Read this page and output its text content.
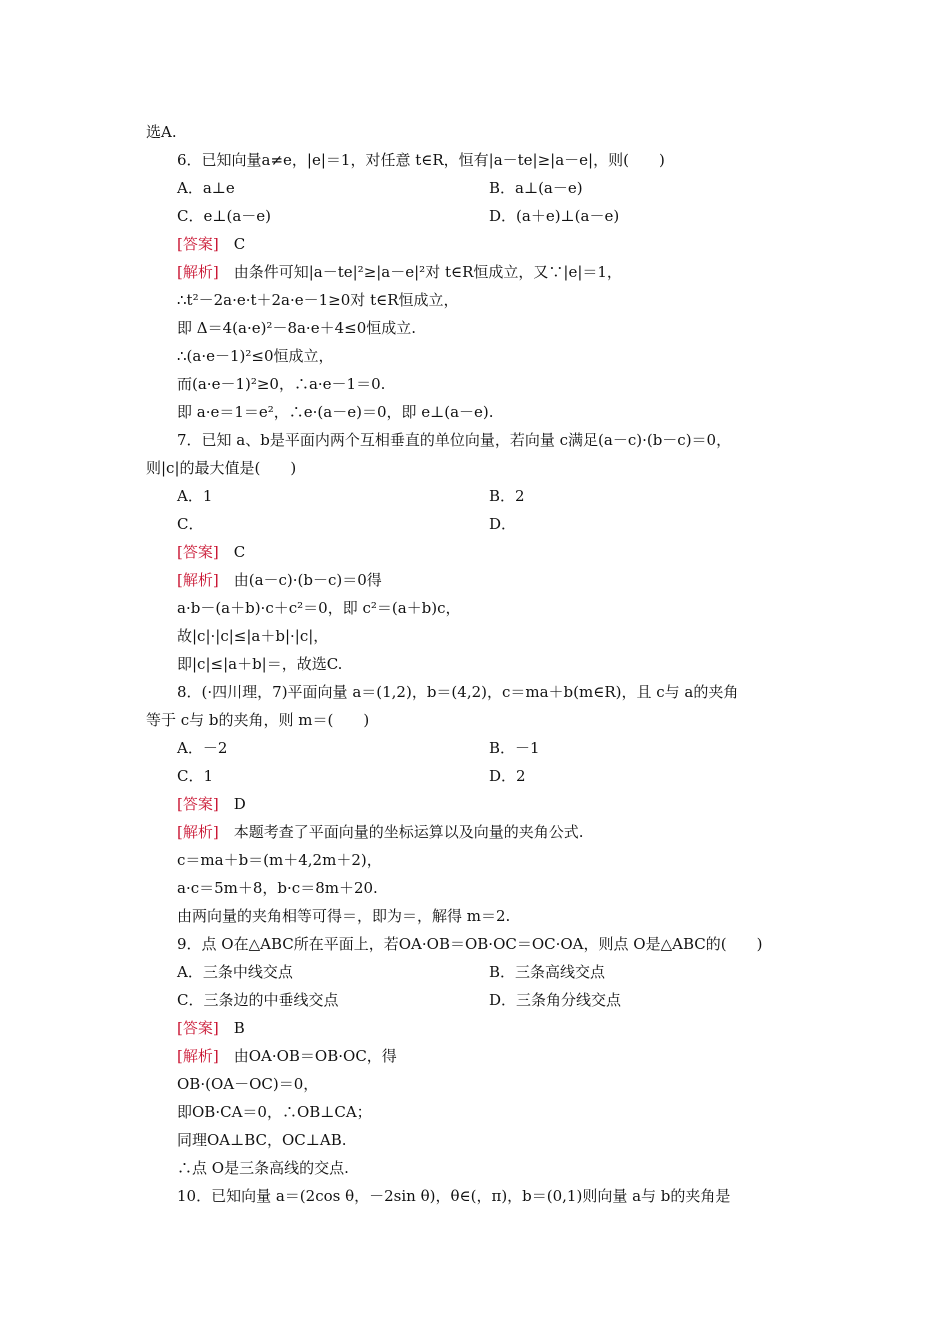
选A.
6．已知向量a≠e，|e|＝1，对任意 t∈R，恒有|a－te|≥|a－e|，则(　　)
A．a⊥e	B．a⊥(a－e)
C．e⊥(a－e)	D．(a＋e)⊥(a－e)
[答案]　C
[解析]　由条件可知|a－te|²≥|a－e|²对 t∈R恒成立，又∵|e|＝1，
∴t²－2a·e·t＋2a·e－1≥0对 t∈R恒成立，
即 Δ＝4(a·e)²－8a·e＋4≤0恒成立.
∴(a·e－1)²≤0恒成立，
而(a·e－1)²≥0，∴a·e－1＝0.
即 a·e＝1＝e²，∴e·(a－e)＝0，即 e⊥(a－e).
7．已知 a、b是平面内两个互相垂直的单位向量，若向量 c满足(a－c)·(b－c)＝0，
则|c|的最大值是(　　)
A．1	B．2
C．	D．
[答案]　C
[解析]　由(a－c)·(b－c)＝0得
a·b－(a＋b)·c＋c²＝0，即 c²＝(a＋b)c，
故|c|·|c|≤|a＋b|·|c|，
即|c|≤|a＋b|＝，故选C.
8．(·四川理，7)平面向量 a＝(1,2)，b＝(4,2)，c＝ma＋b(m∈R)，且 c与 a的夹角
等于 c与 b的夹角，则 m＝(　　)
A．－2	B．－1
C．1	D．2
[答案]　D
[解析]　本题考查了平面向量的坐标运算以及向量的夹角公式.
c＝ma＋b＝(m＋4,2m＋2)，
a·c＝5m＋8，b·c＝8m＋20.
由两向量的夹角相等可得＝，即为＝，解得 m＝2.
9．点 O在△ABC所在平面上，若OA·OB＝OB·OC＝OC·OA，则点 O是△ABC的(　　)
A．三条中线交点	B．三条高线交点
C．三条边的中垂线交点	D．三条角分线交点
[答案]　B
[解析]　由OA·OB＝OB·OC，得
OB·(OA－OC)＝0，
即OB·CA＝0，∴OB⊥CA；
同理OA⊥BC，OC⊥AB.
∴点 O是三条高线的交点.
10．已知向量 a＝(2cos θ，－2sin θ)，θ∈(，π)，b＝(0,1)则向量 a与 b的夹角是
